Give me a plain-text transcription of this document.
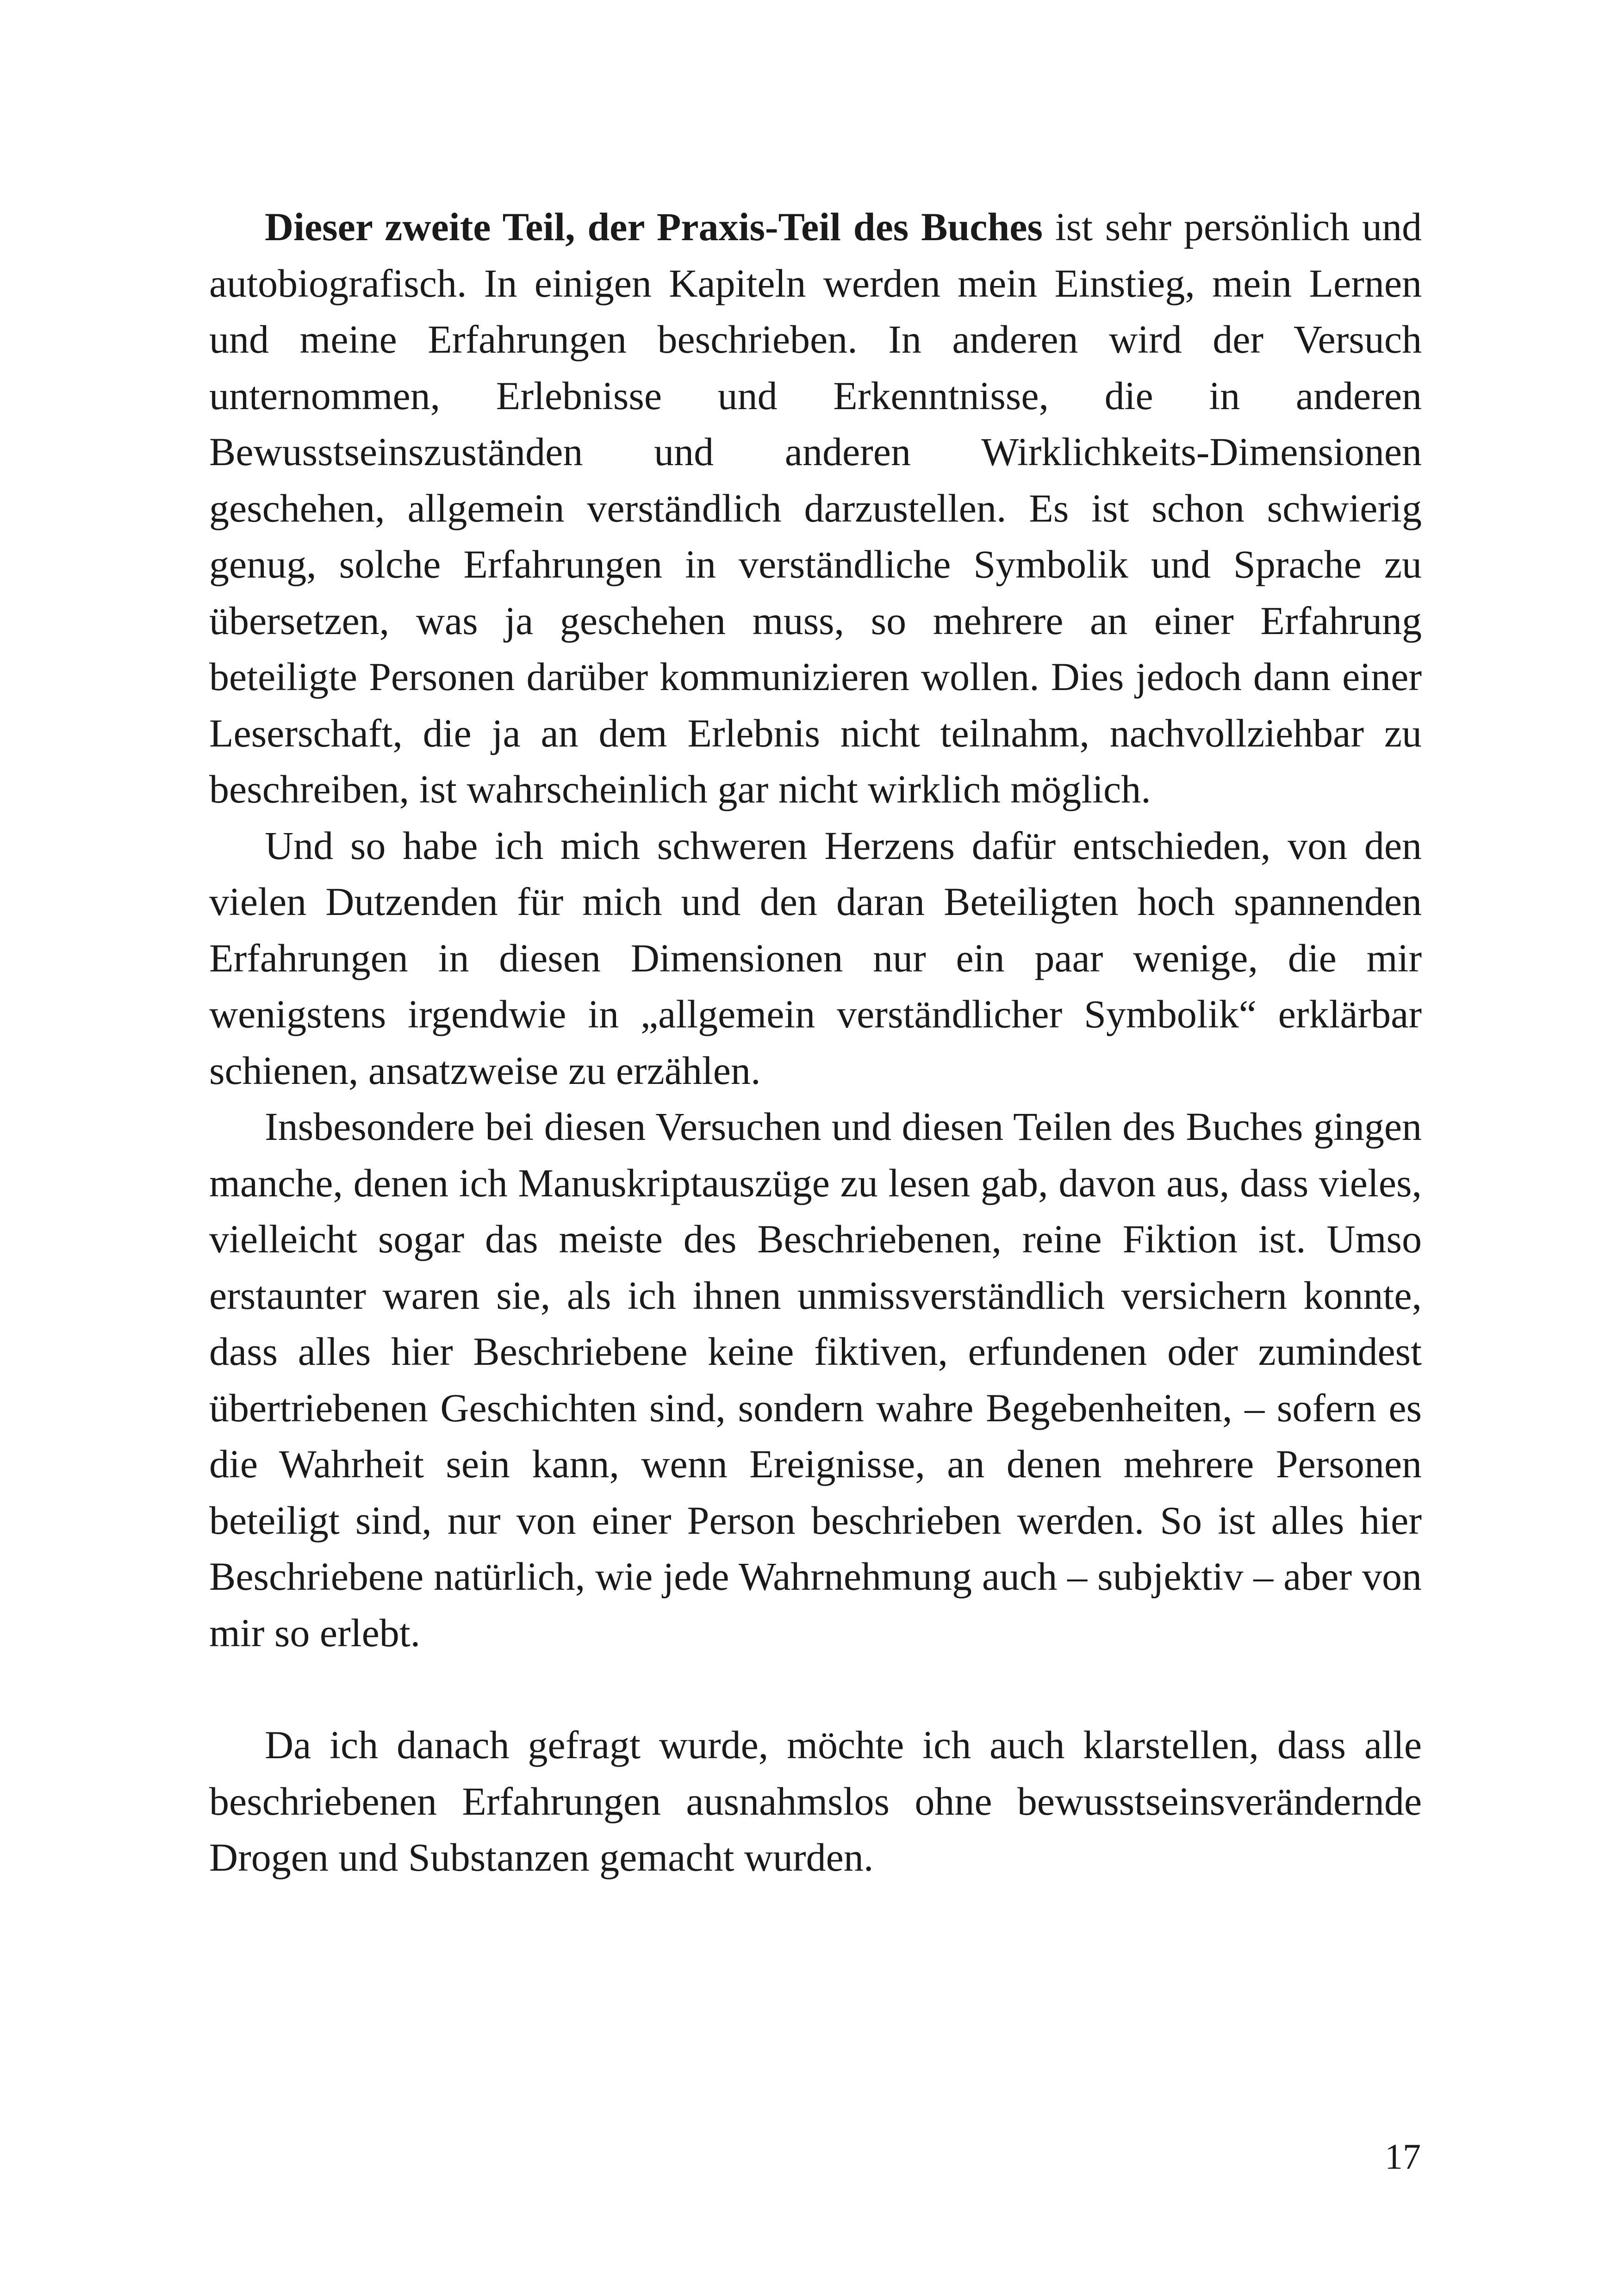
Dieser zweite Teil, der Praxis-Teil des Buches ist sehr persönlich und autobiografisch. In einigen Kapiteln werden mein Einstieg, mein Lernen und meine Erfahrungen beschrieben. In anderen wird der Versuch unternommen, Erlebnisse und Erkenntnisse, die in anderen Bewusstseinszuständen und anderen Wirklichkeits-Dimensionen geschehen, allgemein verständlich darzustellen. Es ist schon schwierig genug, solche Erfahrungen in verständliche Symbolik und Sprache zu übersetzen, was ja geschehen muss, so mehrere an einer Erfahrung beteiligte Personen darüber kommunizieren wollen. Dies jedoch dann einer Leserschaft, die ja an dem Erlebnis nicht teilnahm, nachvollziehbar zu beschreiben, ist wahrscheinlich gar nicht wirklich möglich.

Und so habe ich mich schweren Herzens dafür entschieden, von den vielen Dutzenden für mich und den daran Beteiligten hoch spannenden Erfahrungen in diesen Dimensionen nur ein paar wenige, die mir wenigstens irgendwie in „allgemein verständlicher Symbolik“ erklärbar schienen, ansatzweise zu erzählen.

Insbesondere bei diesen Versuchen und diesen Teilen des Buches gingen manche, denen ich Manuskriptauszüge zu lesen gab, davon aus, dass vieles, vielleicht sogar das meiste des Beschriebenen, reine Fiktion ist. Umso erstaunter waren sie, als ich ihnen unmissverständlich versichern konnte, dass alles hier Beschriebene keine fiktiven, erfundenen oder zumindest übertriebenen Geschichten sind, sondern wahre Begebenheiten, – sofern es die Wahrheit sein kann, wenn Ereignisse, an denen mehrere Personen beteiligt sind, nur von einer Person beschrieben werden. So ist alles hier Beschriebene natürlich, wie jede Wahrnehmung auch – subjektiv – aber von mir so erlebt.

Da ich danach gefragt wurde, möchte ich auch klarstellen, dass alle beschriebenen Erfahrungen ausnahmslos ohne bewusstseinsverändernde Drogen und Substanzen gemacht wurden.

17
